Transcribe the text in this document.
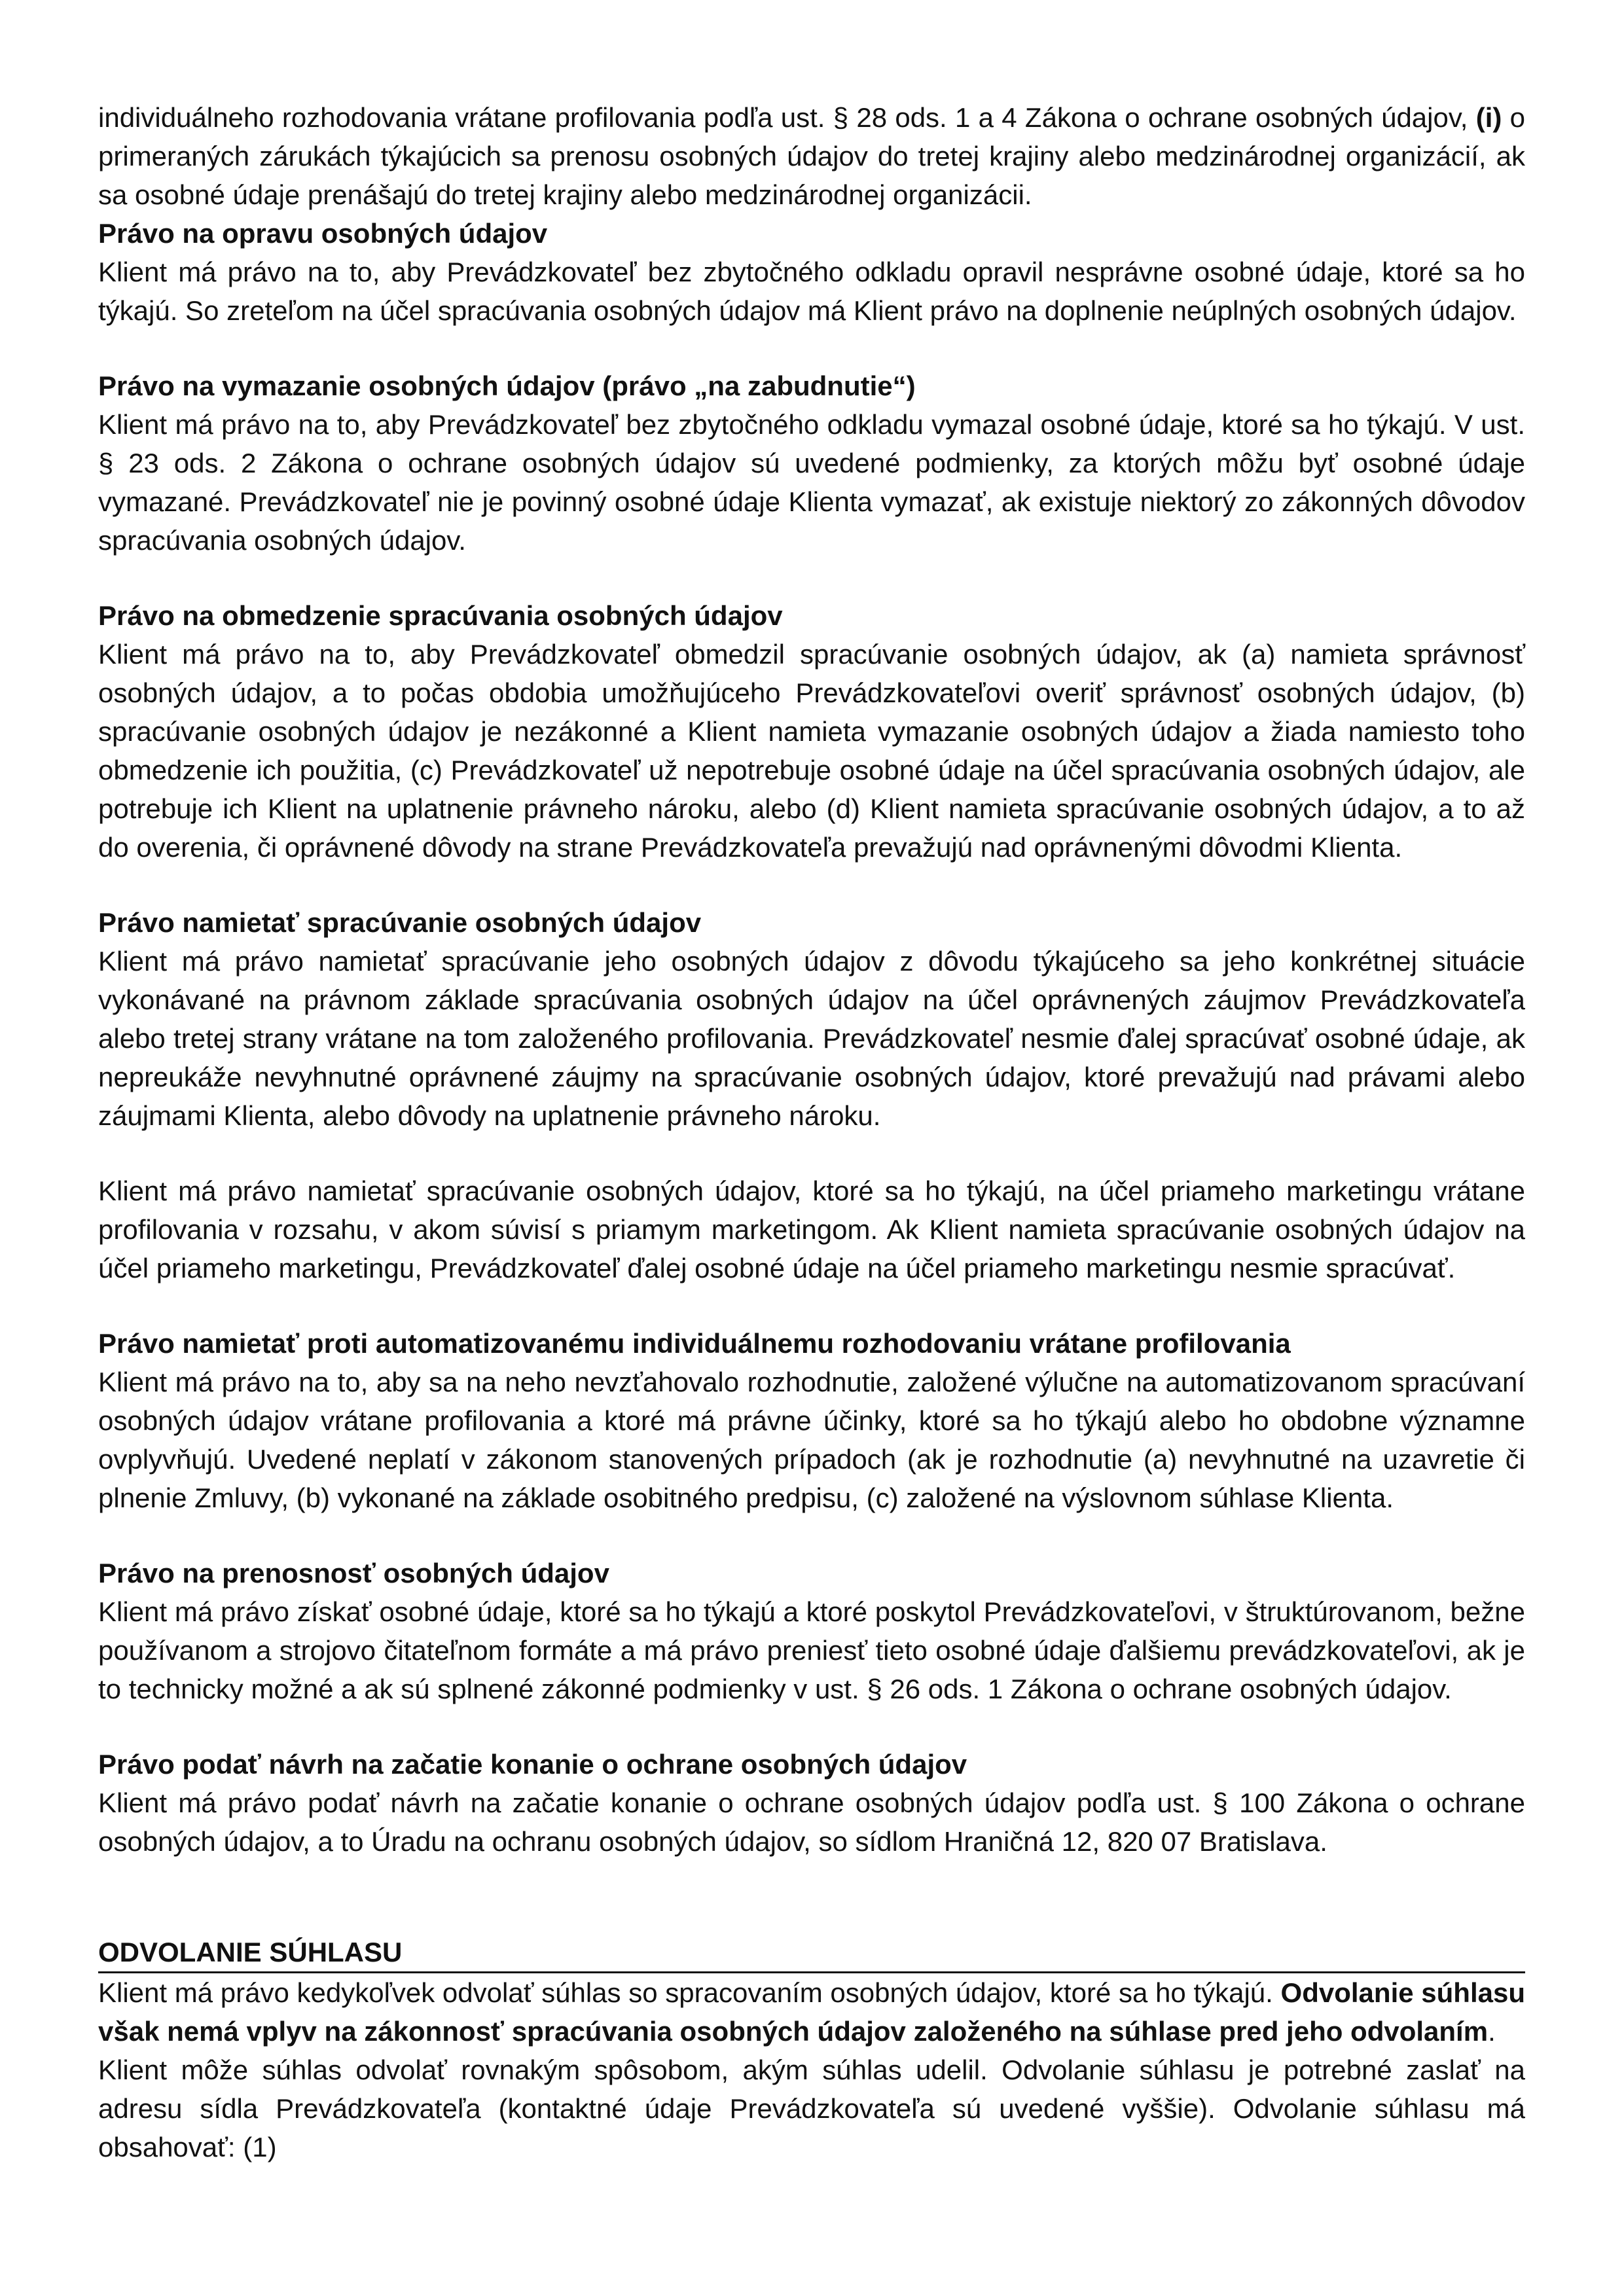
individuálneho rozhodovania vrátane profilovania podľa ust. § 28 ods. 1 a 4 Zákona o ochrane osobných údajov, (i) o primeraných zárukách týkajúcich sa prenosu osobných údajov do tretej krajiny alebo medzinárodnej organizácií, ak sa osobné údaje prenášajú do tretej krajiny alebo medzinárodnej organizácii.

Právo na opravu osobných údajov

Klient má právo na to, aby Prevádzkovateľ bez zbytočného odkladu opravil nesprávne osobné údaje, ktoré sa ho týkajú. So zreteľom na účel spracúvania osobných údajov má Klient právo na doplnenie neúplných osobných údajov.

Právo na vymazanie osobných údajov (právo „na zabudnutie“)

Klient má právo na to, aby Prevádzkovateľ bez zbytočného odkladu vymazal osobné údaje, ktoré sa ho týkajú. V ust. § 23 ods. 2 Zákona o ochrane osobných údajov sú uvedené podmienky, za ktorých môžu byť osobné údaje vymazané. Prevádzkovateľ nie je povinný osobné údaje Klienta vymazať, ak existuje niektorý zo zákonných dôvodov spracúvania osobných údajov.

Právo na obmedzenie spracúvania osobných údajov

Klient má právo na to, aby Prevádzkovateľ obmedzil spracúvanie osobných údajov, ak (a) namieta správnosť osobných údajov, a to počas obdobia umožňujúceho Prevádzkovateľovi overiť správnosť osobných údajov, (b) spracúvanie osobných údajov je nezákonné a Klient namieta vymazanie osobných údajov a žiada namiesto toho obmedzenie ich použitia, (c) Prevádzkovateľ už nepotrebuje osobné údaje na účel spracúvania osobných údajov, ale potrebuje ich Klient na uplatnenie právneho nároku, alebo (d) Klient namieta spracúvanie osobných údajov, a to až do overenia, či oprávnené dôvody na strane Prevádzkovateľa prevažujú nad oprávnenými dôvodmi Klienta.

Právo namietať spracúvanie osobných údajov

Klient má právo namietať spracúvanie jeho osobných údajov z dôvodu týkajúceho sa jeho konkrétnej situácie vykonávané na právnom základe spracúvania osobných údajov na účel oprávnených záujmov Prevádzkovateľa alebo tretej strany vrátane na tom založeného profilovania. Prevádzkovateľ nesmie ďalej spracúvať osobné údaje, ak nepreukáže nevyhnutné oprávnené záujmy na spracúvanie osobných údajov, ktoré prevažujú nad právami alebo záujmami Klienta, alebo dôvody na uplatnenie právneho nároku.

Klient má právo namietať spracúvanie osobných údajov, ktoré sa ho týkajú, na účel priameho marketingu vrátane profilovania v rozsahu, v akom súvisí s priamym marketingom. Ak Klient namieta spracúvanie osobných údajov na účel priameho marketingu, Prevádzkovateľ ďalej osobné údaje na účel priameho marketingu nesmie spracúvať.

Právo namietať proti automatizovanému individuálnemu rozhodovaniu vrátane profilovania

Klient má právo na to, aby sa na neho nevzťahovalo rozhodnutie, založené výlučne na automatizovanom spracúvaní osobných údajov vrátane profilovania a ktoré má právne účinky, ktoré sa ho týkajú alebo ho obdobne významne ovplyvňujú. Uvedené neplatí v zákonom stanovených prípadoch (ak je rozhodnutie (a) nevyhnutné na uzavretie či plnenie Zmluvy, (b) vykonané na základe osobitného predpisu, (c) založené na výslovnom súhlase Klienta.

Právo na prenosnosť osobných údajov

Klient má právo získať osobné údaje, ktoré sa ho týkajú a ktoré poskytol Prevádzkovateľovi, v štruktúrovanom, bežne používanom a strojovo čitateľnom formáte a má právo preniesť tieto osobné údaje ďalšiemu prevádzkovateľovi, ak je to technicky možné a ak sú splnené zákonné podmienky v ust. § 26 ods. 1 Zákona o ochrane osobných údajov.

Právo podať návrh na začatie konanie o ochrane osobných údajov

Klient má právo podať návrh na začatie konanie o ochrane osobných údajov podľa ust. § 100 Zákona o ochrane osobných údajov, a to Úradu na ochranu osobných údajov, so sídlom Hraničná 12, 820 07 Bratislava.

ODVOLANIE SÚHLASU

Klient má právo kedykoľvek odvolať súhlas so spracovaním osobných údajov, ktoré sa ho týkajú. Odvolanie súhlasu však nemá vplyv na zákonnosť spracúvania osobných údajov založeného na súhlase pred jeho odvolaním.

Klient môže súhlas odvolať rovnakým spôsobom, akým súhlas udelil. Odvolanie súhlasu je potrebné zaslať na adresu sídla Prevádzkovateľa (kontaktné údaje Prevádzkovateľa sú uvedené vyššie). Odvolanie súhlasu má obsahovať: (1)
